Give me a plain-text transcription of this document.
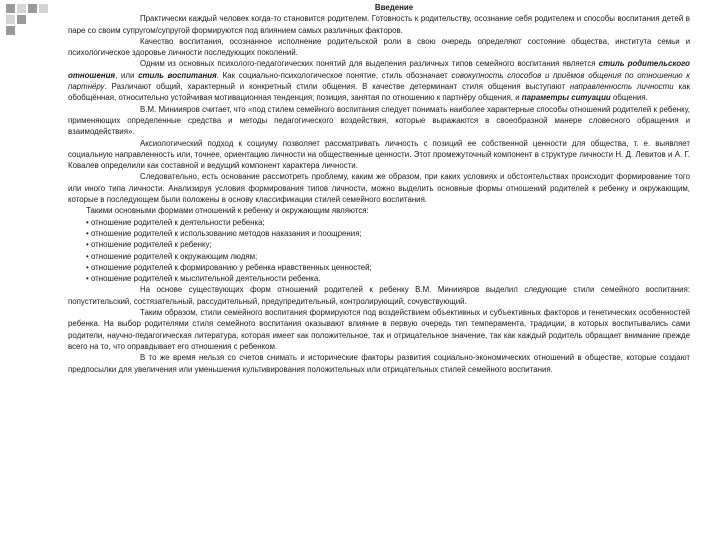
Введение

Практически каждый человек когда-то становится родителем. Готовность к родительству, осознание себя родителем и способы воспитания детей в паре со своим супругом/супругой формируются под влиянием самых различных факторов.

Качество воспитания, осознанное исполнение родительской роли в свою очередь определяют состояние общества, института семьи и психологическое здоровье личности последующих поколений.

Одним из основных психолого-педагогических понятий для выделения различных типов семейного воспитания является стиль родительского отношения, или стиль воспитания. Как социально-психологическое понятие, стиль обозначает совокупность способов и приёмов общения по отношению к партнёру. Различают общий, характерный и конкретный стили общения. В качестве детерминант стиля общения выступают направленность личности как обобщённая, относительно устойчивая мотивационная тенденция; позиция, занятая по отношению к партнёру общения, и параметры ситуации общения.

В.М. Миниияров считает, что «под стилем семейного воспитания следует понимать наиболее характерные способы отношений родителей к ребенку, применяющих определенные средства и методы педагогического воздействия, которые выражаются в своеобразной манере словесного обращения и взаимодействия».

Аксиологический подход к социуму позволяет рассматривать личность с позиций ее собственной ценности для общества, т. е. выявляет социальную направленность или, точнее, ориентацию личности на общественные ценности. Этот промежуточный компонент в структуре личности Н. Д. Левитов и А. Г. Ковалев определили как составной и ведущий компонент характера личности.

Следовательно, есть основание рассмотреть проблему, каким же образом, при каких условиях и обстоятельствах происходит формирование того или иного типа личности. Анализируя условия формирования типов личности, можно выделить основные формы отношений родителей к ребенку и окружающим, которые в последующем были положены в основу классификации стилей семейного воспитания.

Такими основными формами отношений к ребенку и окружающим являются:

• отношение родителей к деятельности ребенка;

• отношение родителей к использованию методов наказания и поощрения;

• отношение родителей к ребенку;

• отношение родителей к окружающим людям;

• отношение родителей к формированию у ребенка нравственных ценностей;

• отношение родителей к мыслительной деятельности ребенка.

На основе существующих форм отношений родителей к ребенку В.М. Миниияров выделил следующие стили семейного воспитания: попустительский, состязательный, рассудительный, предупредительный, контролирующий, сочувствующий.

Таким образом, стили семейного воспитания формируются под воздействием объективных и субъективных факторов и генетических особенностей ребенка. На выбор родителями стиля семейного воспитания оказывают влияние в первую очередь тип темперамента, традиции, в которых воспитывались сами родители, научно-педагогическая литература, которая имеет как положительное, так и отрицательное значение, так как каждый родитель обращает внимание прежде всего на то, что оправдывает его отношения с ребенком.

В то же время нельзя со счетов снимать и исторические факторы развития социально-экономических отношений в обществе, которые создают предпосылки для увеличения или уменьшения культивирования положительных или отрицательных стилей семейного воспитания.
